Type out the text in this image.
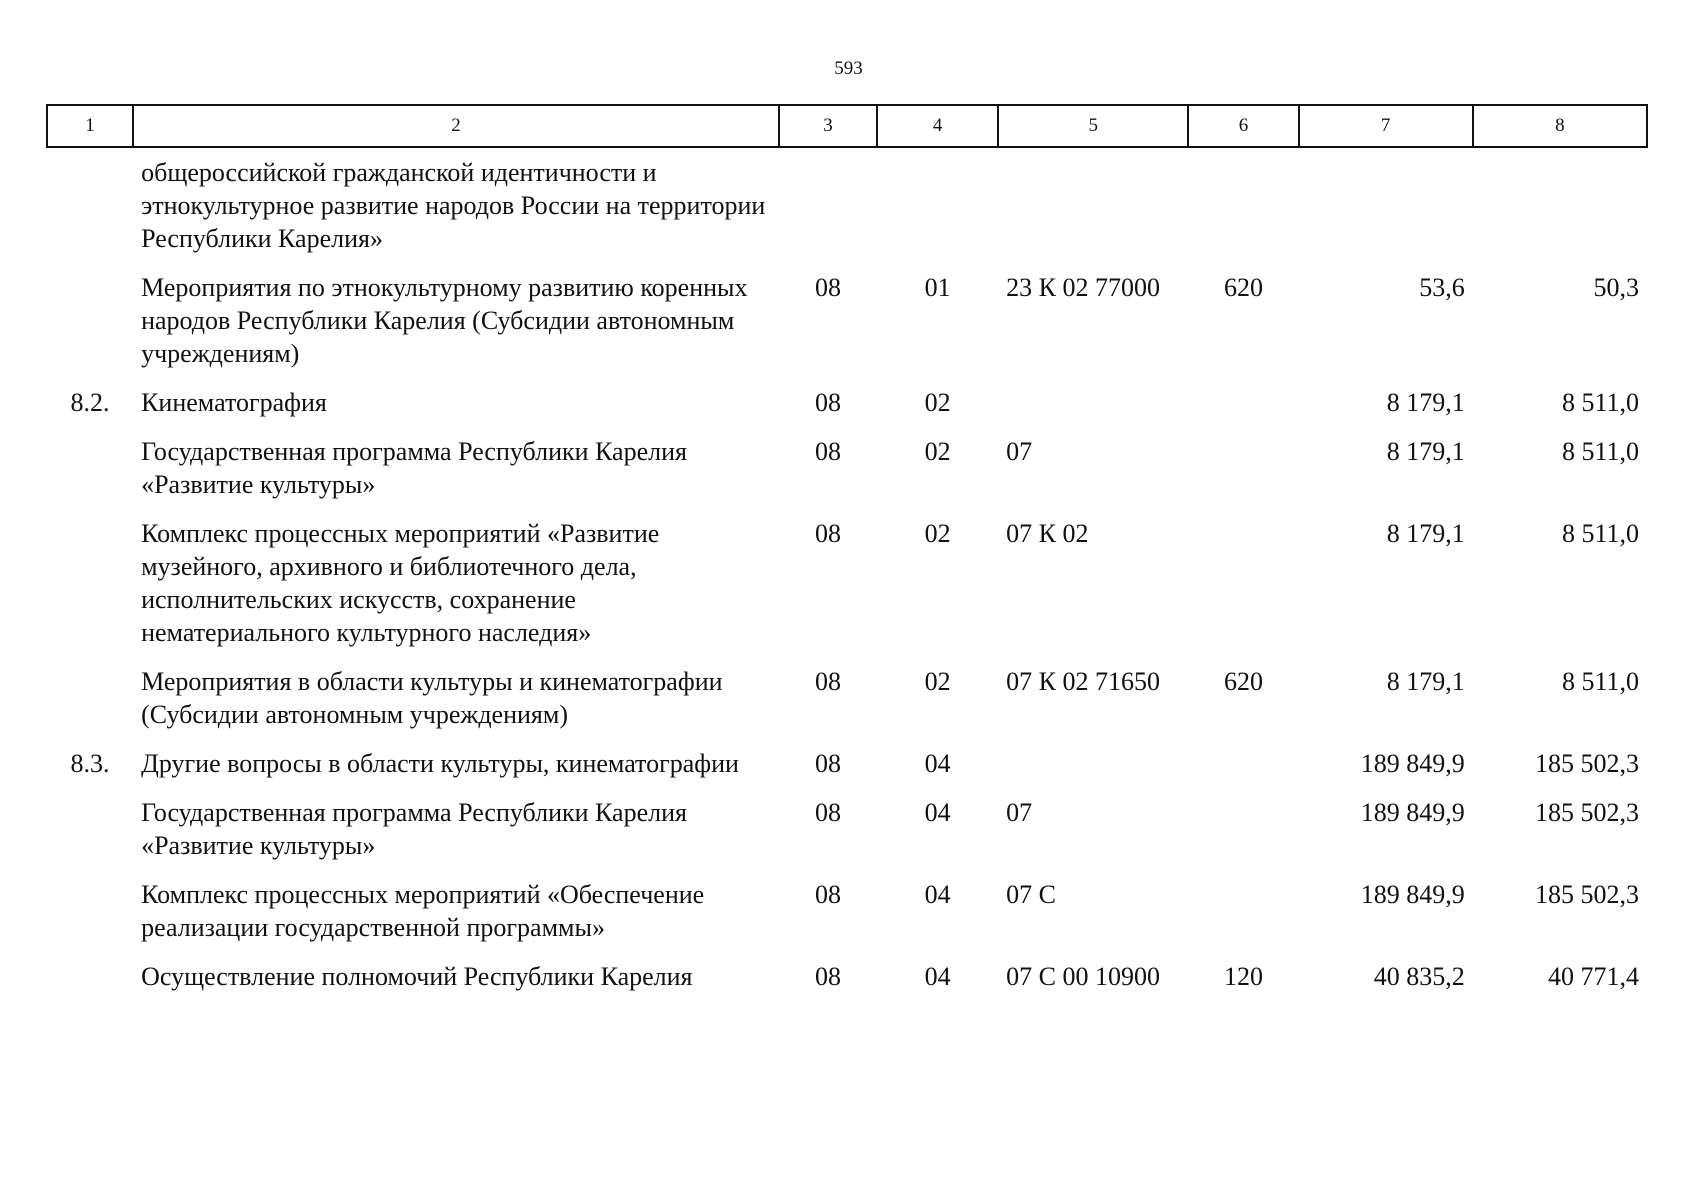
593
1	2	3	4	5	6	7	8
	общероссийской гражданской идентичности и этнокультурное развитие народов России на территории Республики Карелия»						
	Мероприятия по этнокультурному развитию коренных народов Республики Карелия (Субсидии автономным учреждениям)	08	01	23 К 02 77000	620	53,6	50,3
8.2.	Кинематография	08	02			8 179,1	8 511,0
	Государственная программа Республики Карелия «Развитие культуры»	08	02	07		8 179,1	8 511,0
	Комплекс процессных мероприятий «Развитие музейного, архивного и библиотечного дела, исполнительских искусств, сохранение нематериального культурного наследия»	08	02	07 К 02		8 179,1	8 511,0
	Мероприятия в области культуры и кинематографии (Субсидии автономным учреждениям)	08	02	07 К 02 71650	620	8 179,1	8 511,0
8.3.	Другие вопросы в области культуры, кинематографии	08	04			189 849,9	185 502,3
	Государственная программа Республики Карелия «Развитие культуры»	08	04	07		189 849,9	185 502,3
	Комплекс процессных мероприятий «Обеспечение реализации государственной программы»	08	04	07 С		189 849,9	185 502,3
	Осуществление полномочий Республики Карелия	08	04	07 С 00 10900	120	40 835,2	40 771,4
